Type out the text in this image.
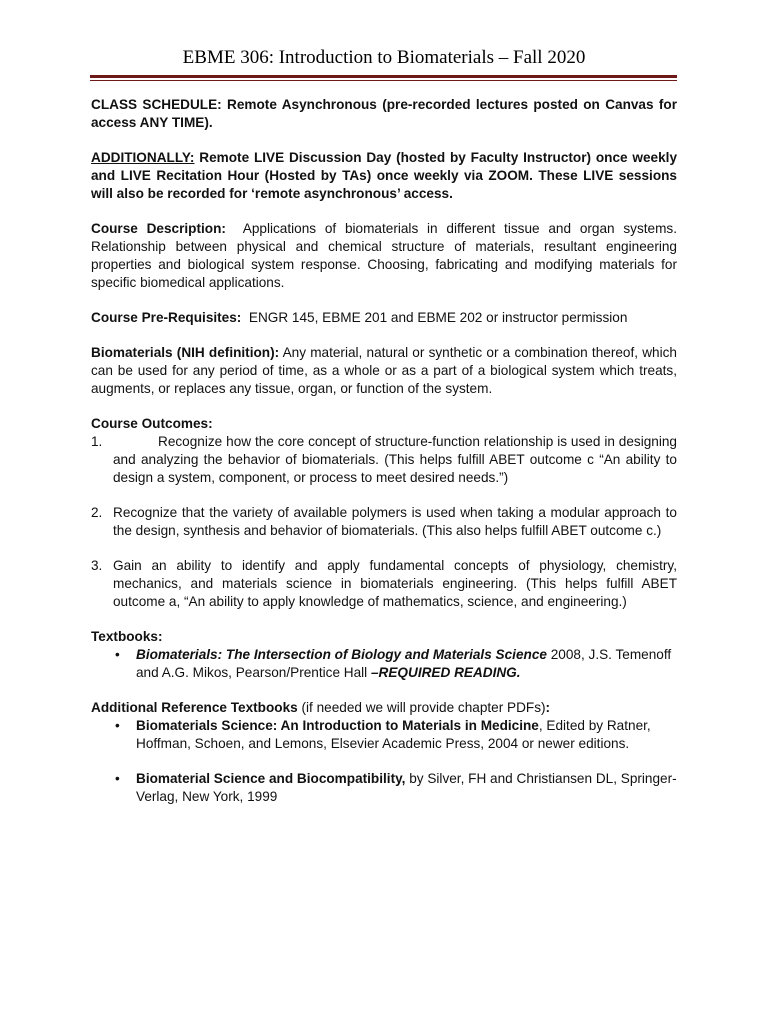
EBME 306: Introduction to Biomaterials – Fall 2020

CLASS SCHEDULE: Remote Asynchronous (pre-recorded lectures posted on Canvas for access ANY TIME).

ADDITIONALLY: Remote LIVE Discussion Day (hosted by Faculty Instructor) once weekly and LIVE Recitation Hour (Hosted by TAs) once weekly via ZOOM. These LIVE sessions will also be recorded for ‘remote asynchronous’ access.

Course Description:  Applications of biomaterials in different tissue and organ systems. Relationship between physical and chemical structure of materials, resultant engineering properties and biological system response. Choosing, fabricating and modifying materials for specific biomedical applications.

Course Pre-Requisites:  ENGR 145, EBME 201 and EBME 202 or instructor permission

Biomaterials (NIH definition): Any material, natural or synthetic or a combination thereof, which can be used for any period of time, as a whole or as a part of a biological system which treats, augments, or replaces any tissue, organ, or function of the system.

Course Outcomes:

1.	Recognize how the core concept of structure-function relationship is used in designing and analyzing the behavior of biomaterials. (This helps fulfill ABET outcome c “An ability to design a system, component, or process to meet desired needs.”)
2. Recognize that the variety of available polymers is used when taking a modular approach to the design, synthesis and behavior of biomaterials. (This also helps fulfill ABET outcome c.)
3. Gain an ability to identify and apply fundamental concepts of physiology, chemistry, mechanics, and materials science in biomaterials engineering. (This helps fulfill ABET outcome a, “An ability to apply knowledge of mathematics, science, and engineering.)

Textbooks:

• Biomaterials: The Intersection of Biology and Materials Science 2008, J.S. Temenoff and A.G. Mikos, Pearson/Prentice Hall –REQUIRED READING.

Additional Reference Textbooks (if needed we will provide chapter PDFs):

• Biomaterials Science: An Introduction to Materials in Medicine, Edited by Ratner, Hoffman, Schoen, and Lemons, Elsevier Academic Press, 2004 or newer editions.
• Biomaterial Science and Biocompatibility, by Silver, FH and Christiansen DL, Springer-Verlag, New York, 1999
